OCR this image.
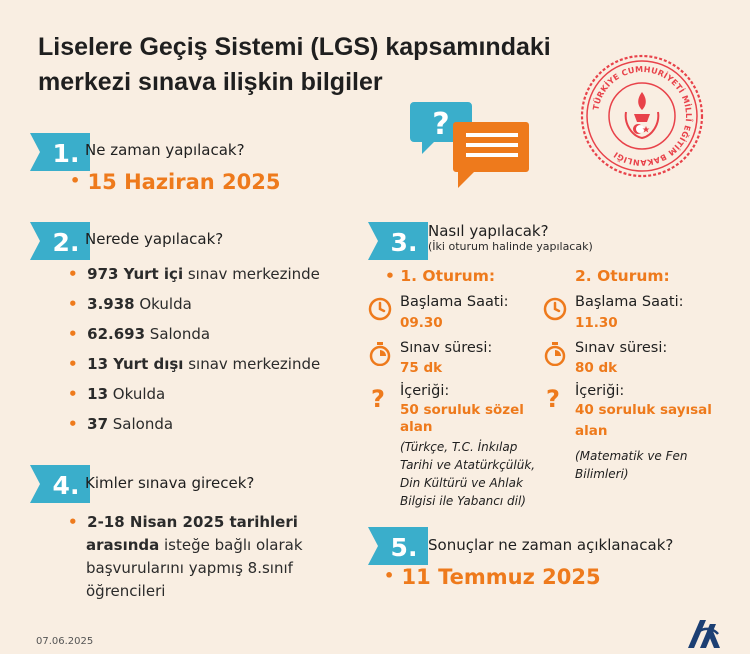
Liselere Geçiş Sistemi (LGS) kapsamındaki
merkezi sınava ilişkin bilgiler
TÜRKİYE CUMHURİYETİ MİLLÎ EĞİTİM BAKANLIĞI
?
1. Ne zaman yapılacak?
• 15 Haziran 2025
2. Nerede yapılacak?
• 973 Yurt içi sınav merkezinde
• 3.938 Okulda
• 62.693 Salonda
• 13 Yurt dışı sınav merkezinde
• 13 Okulda
• 37 Salonda
3. Nasıl yapılacak?
(İki oturum halinde yapılacak)
• 1. Oturum:
Başlama Saati:
09.30
Sınav süresi:
75 dk
? İçeriği:
50 soruluk sözel
alan
(Türkçe, T.C. İnkılap
Tarihi ve Atatürkçülük,
Din Kültürü ve Ahlak
Bilgisi ile Yabancı dil)
2. Oturum:
Başlama Saati:
11.30
Sınav süresi:
80 dk
? İçeriği:
40 soruluk sayısal
alan
(Matematik ve Fen
Bilimleri)
4. Kimler sınava girecek?
• 2-18 Nisan 2025 tarihleri
arasında isteğe bağlı olarak
başvurularını yapmış 8.sınıf
öğrencileri
5. Sonuçlar ne zaman açıklanacak?
• 11 Temmuz 2025
07.06.2025
AA
